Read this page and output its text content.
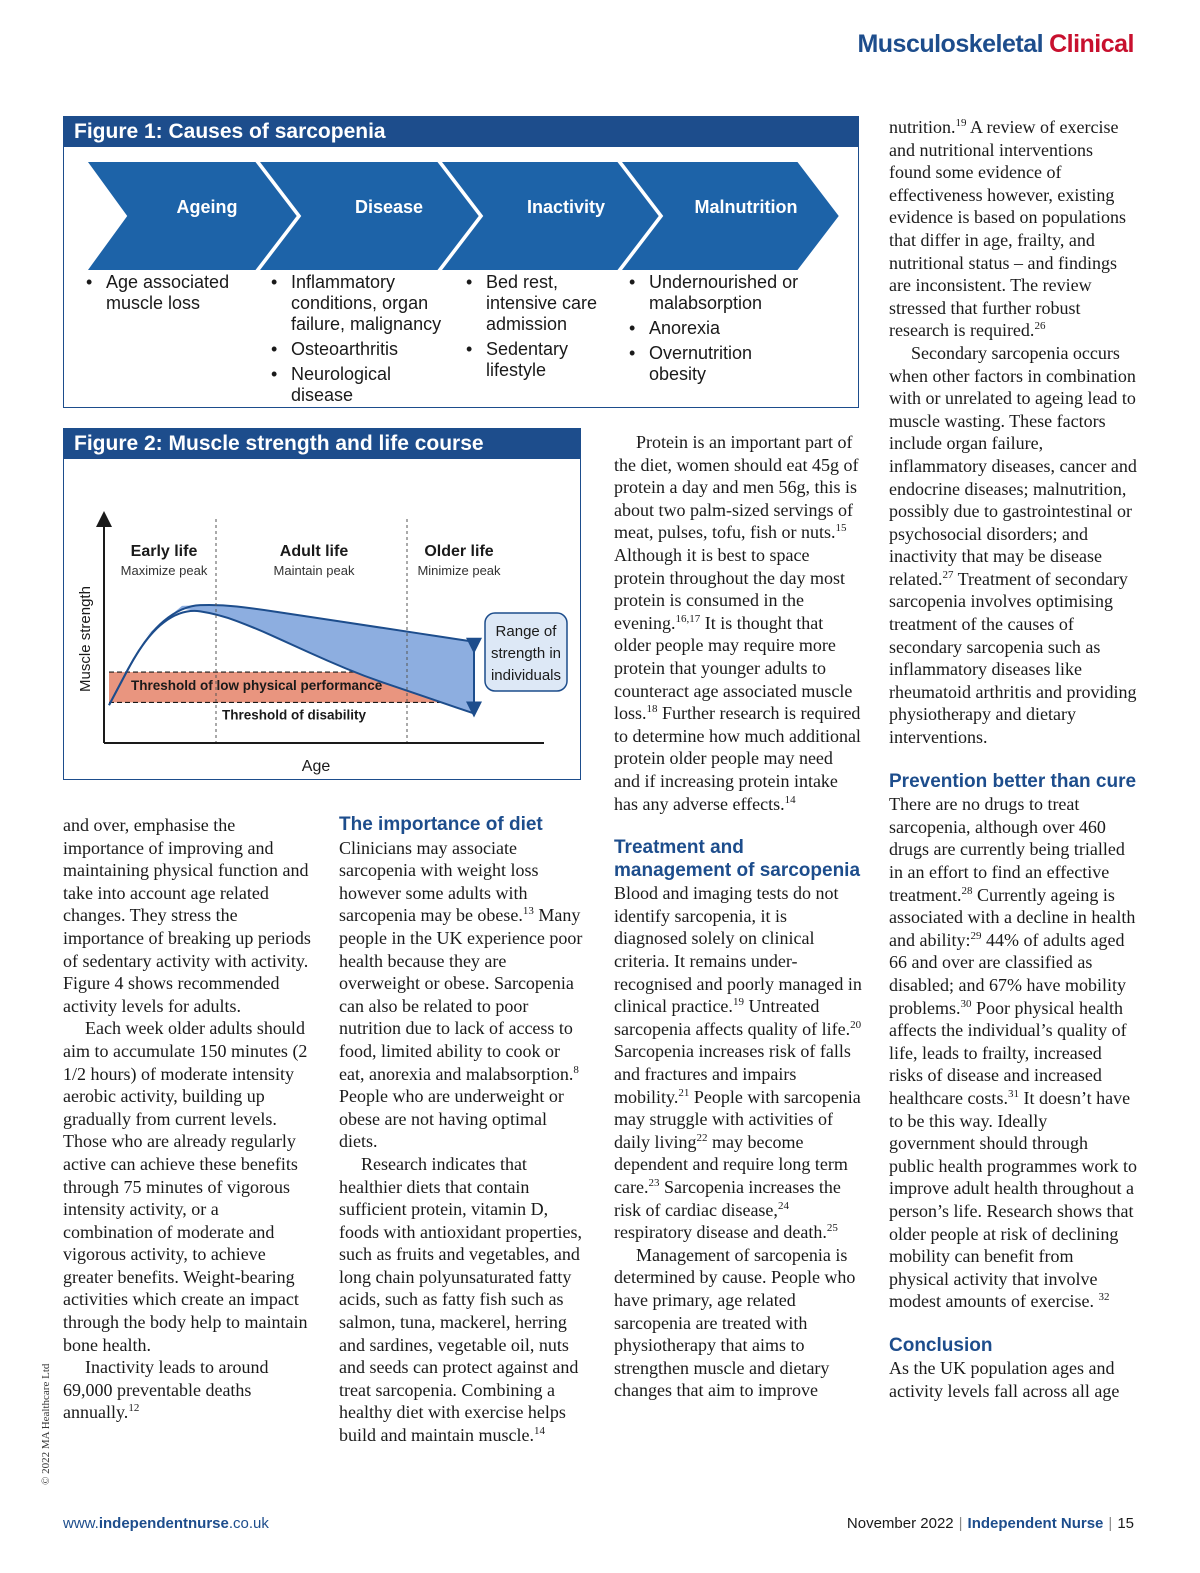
Musculoskeletal Clinical
Figure 1: Causes of sarcopenia
Ageing	Disease	Inactivity	Malnutrition
• Age associated muscle loss
• Inflammatory conditions, organ failure, malignancy
• Osteoarthritis
• Neurological disease
• Bed rest, intensive care admission
• Sedentary lifestyle
• Undernourished or malabsorption
• Anorexia
• Overnutrition obesity
Figure 2: Muscle strength and life course
Range of strength in individuals
Early life
Maximize peak
Adult life
Maintain peak
Older life
Minimize peak
Threshold of low physical performance
Threshold of disability
Age
Muscle strength

and over, emphasise the importance of improving and maintaining physical function and take into account age related changes. They stress the importance of breaking up periods of sedentary activity with activity. Figure 4 shows recommended activity levels for adults.

Each week older adults should aim to accumulate 150 minutes (2 1/2 hours) of moderate intensity aerobic activity, building up gradually from current levels. Those who are already regularly active can achieve these benefits through 75 minutes of vigorous intensity activity, or a combination of moderate and vigorous activity, to achieve greater benefits. Weight-bearing activities which create an impact through the body help to maintain bone health.

Inactivity leads to around 69,000 preventable deaths annually.$^{12}$

The importance of diet

Clinicians may associate sarcopenia with weight loss however some adults with sarcopenia may be obese.$^{13}$ Many people in the UK experience poor health because they are overweight or obese. Sarcopenia can also be related to poor nutrition due to lack of access to food, limited ability to cook or eat, anorexia and malabsorption.$^8$ People who are underweight or obese are not having optimal diets.

Research indicates that healthier diets that contain sufficient protein, vitamin D, foods with antioxidant properties, such as fruits and vegetables, and long chain polyunsaturated fatty acids, such as fatty fish such as salmon, tuna, mackerel, herring and sardines, vegetable oil, nuts and seeds can protect against and treat sarcopenia. Combining a healthy diet with exercise helps build and maintain muscle.$^{14}$

Protein is an important part of the diet, women should eat 45g of protein a day and men 56g, this is about two palm-sized servings of meat, pulses, tofu, fish or nuts.$^{15}$ Although it is best to space protein throughout the day most protein is consumed in the evening.$^{16,17}$ It is thought that older people may require more protein that younger adults to counteract age associated muscle loss.$^{18}$ Further research is required to determine how much additional protein older people may need and if increasing protein intake has any adverse effects.$^{14}$

Treatment and management of sarcopenia

Blood and imaging tests do not identify sarcopenia, it is diagnosed solely on clinical criteria. It remains under-recognised and poorly managed in clinical practice.$^{19}$ Untreated sarcopenia affects quality of life.$^{20}$ Sarcopenia increases risk of falls and fractures and impairs mobility.$^{21}$ People with sarcopenia may struggle with activities of daily living$^{22}$ may become dependent and require long term care.$^{23}$ Sarcopenia increases the risk of cardiac disease,$^{24}$ respiratory disease and death.$^{25}$

Management of sarcopenia is determined by cause. People who have primary, age related sarcopenia are treated with physiotherapy that aims to strengthen muscle and dietary changes that aim to improve

nutrition.$^{19}$ A review of exercise and nutritional interventions found some evidence of effectiveness however, existing evidence is based on populations that differ in age, frailty, and nutritional status – and findings are inconsistent. The review stressed that further robust research is required.$^{26}$

Secondary sarcopenia occurs when other factors in combination with or unrelated to ageing lead to muscle wasting. These factors include organ failure, inflammatory diseases, cancer and endocrine diseases; malnutrition, possibly due to gastrointestinal or psychosocial disorders; and inactivity that may be disease related.$^{27}$ Treatment of secondary sarcopenia involves optimising treatment of the causes of secondary sarcopenia such as inflammatory diseases like rheumatoid arthritis and providing physiotherapy and dietary interventions.

Prevention better than cure

There are no drugs to treat sarcopenia, although over 460 drugs are currently being trialled in an effort to find an effective treatment.$^{28}$ Currently ageing is associated with a decline in health and ability:$^{29}$ 44% of adults aged 66 and over are classified as disabled; and 67% have mobility problems.$^{30}$ Poor physical health affects the individual’s quality of life, leads to frailty, increased risks of disease and increased healthcare costs.$^{31}$ It doesn’t have to be this way. Ideally government should through public health programmes work to improve adult health throughout a person’s life. Research shows that older people at risk of declining mobility can benefit from physical activity that involve modest amounts of exercise. $^{32}$

Conclusion

As the UK population ages and activity levels fall across all age

© 2022 MA Healthcare Ltd
www.independentnurse.co.uk	November 2022 | Independent Nurse | 15
